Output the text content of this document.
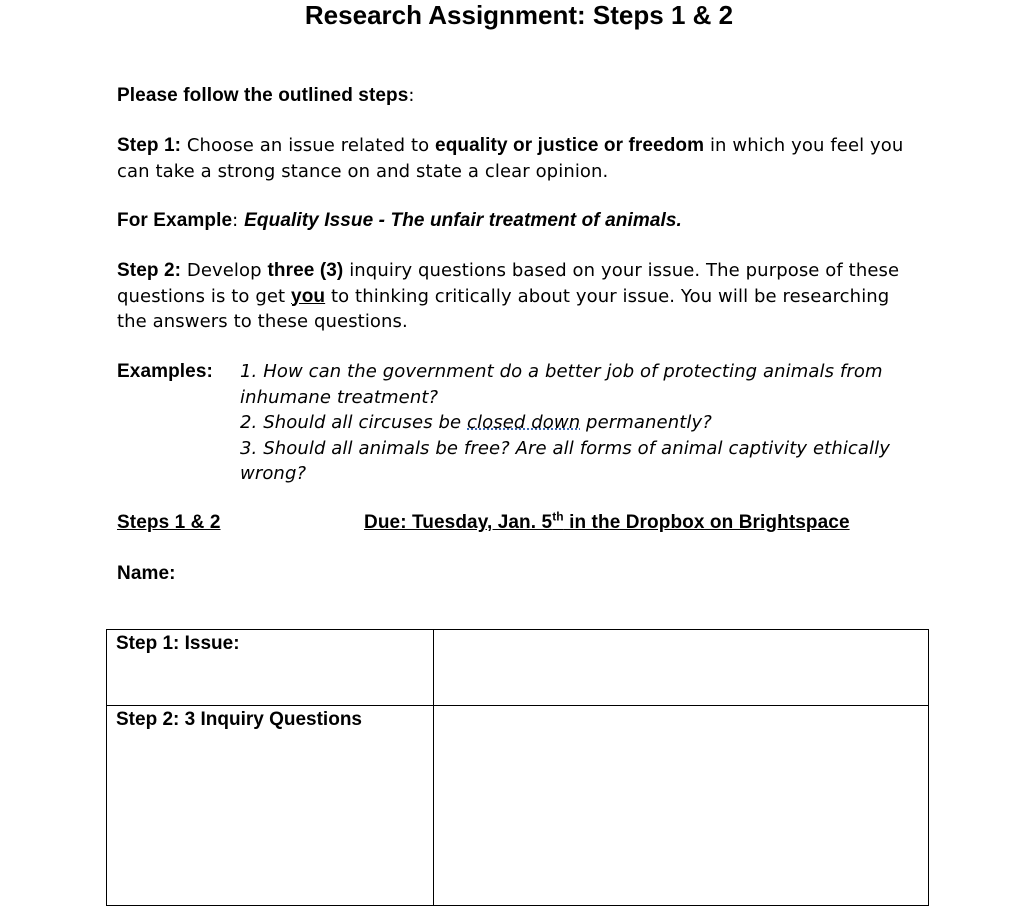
Research Assignment: Steps 1 & 2

Please follow the outlined steps:

Step 1: Choose an issue related to equality or justice or freedom in which you feel you can take a strong stance on and state a clear opinion.

For Example: Equality Issue - The unfair treatment of animals.

Step 2: Develop three (3) inquiry questions based on your issue. The purpose of these questions is to get you to thinking critically about your issue. You will be researching the answers to these questions.

Examples: 1. How can the government do a better job of protecting animals from inhumane treatment?

2. Should all circuses be closed down permanently?

3. Should all animals be free? Are all forms of animal captivity ethically wrong?

Steps 1 & 2	Due: Tuesday, Jan. 5th in the Dropbox on Brightspace
Name:
Step 1: Issue:	
Step 2: 3 Inquiry Questions	
